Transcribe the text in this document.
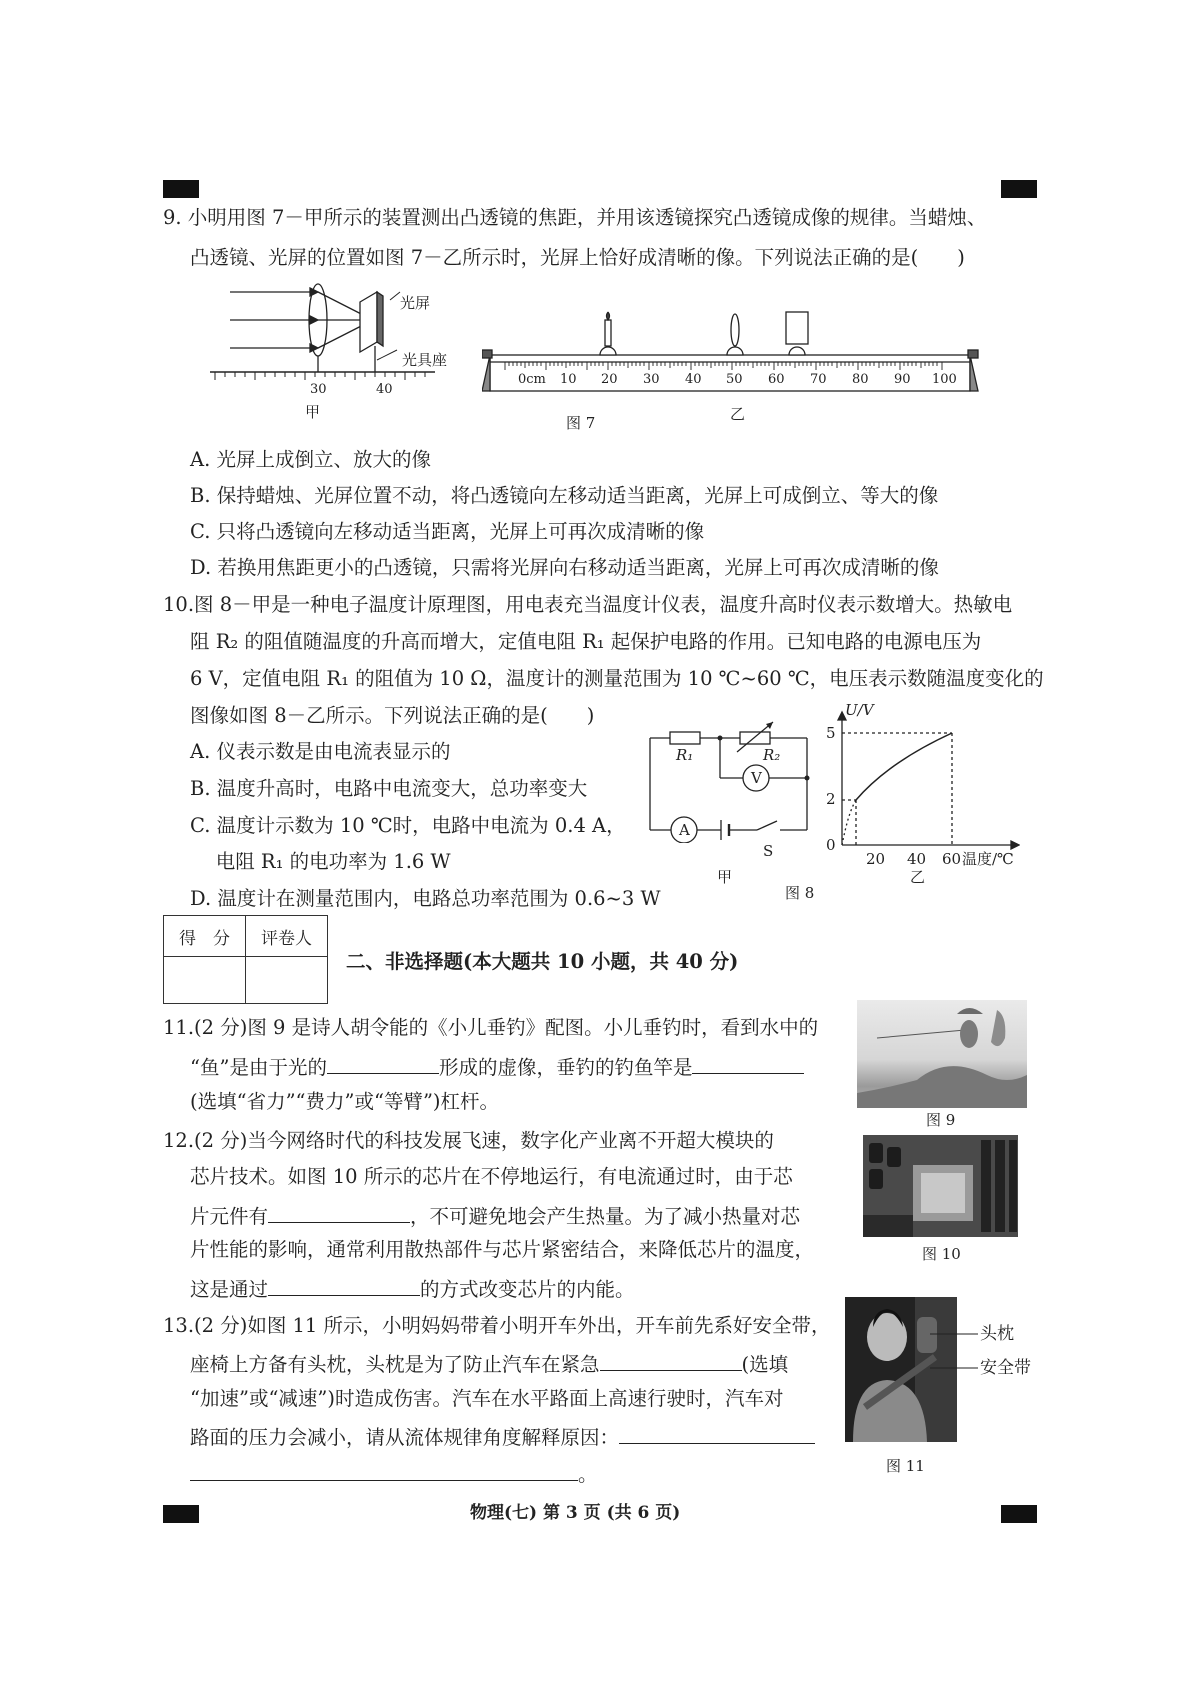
9. 小明用图 7－甲所示的装置测出凸透镜的焦距，并用该透镜探究凸透镜成像的规律。当蜡烛、
凸透镜、光屏的位置如图 7－乙所示时，光屏上恰好成清晰的像。下列说法正确的是(　　)
光屏
光具座
30	40
甲
0cm 10 20 30 40 50 60 70 80 90 100
图 7	乙
A. 光屏上成倒立、放大的像
B. 保持蜡烛、光屏位置不动，将凸透镜向左移动适当距离，光屏上可成倒立、等大的像
C. 只将凸透镜向左移动适当距离，光屏上可再次成清晰的像
D. 若换用焦距更小的凸透镜，只需将光屏向右移动适当距离，光屏上可再次成清晰的像
10.图 8－甲是一种电子温度计原理图，用电表充当温度计仪表，温度升高时仪表示数增大。热敏电
阻 R₂ 的阻值随温度的升高而增大，定值电阻 R₁ 起保护电路的作用。已知电路的电源电压为
6 V，定值电阻 R₁ 的阻值为 10 Ω，温度计的测量范围为 10 ℃~60 ℃，电压表示数随温度变化的
图像如图 8－乙所示。下列说法正确的是(　　)
A. 仪表示数是由电流表显示的
B. 温度升高时，电路中电流变大，总功率变大
C. 温度计示数为 10 ℃时，电路中电流为 0.4 A，
　 电阻 R₁ 的电功率为 1.6 W
D. 温度计在测量范围内，电路总功率范围为 0.6~3 W
R₁	R₂
V
A
S
甲
图 8
U/V
5
2
0
20 40 60 温度/℃
乙
得　分	评卷人

二、非选择题(本大题共 10 小题，共 40 分)
11.(2 分)图 9 是诗人胡令能的《小儿垂钓》配图。小儿垂钓时，看到水中的
“鱼”是由于光的	形成的虚像，垂钓的钓鱼竿是
(选填“省力”“费力”或“等臂”)杠杆。
图 9
12.(2 分)当今网络时代的科技发展飞速，数字化产业离不开超大模块的
芯片技术。如图 10 所示的芯片在不停地运行，有电流通过时，由于芯
片元件有	，不可避免地会产生热量。为了减小热量对芯
片性能的影响，通常利用散热部件与芯片紧密结合，来降低芯片的温度，
这是通过	的方式改变芯片的内能。
图 10
13.(2 分)如图 11 所示，小明妈妈带着小明开车外出，开车前先系好安全带，
座椅上方备有头枕，头枕是为了防止汽车在紧急	(选填
“加速”或“减速”)时造成伤害。汽车在水平路面上高速行驶时，汽车对
路面的压力会减小，请从流体规律角度解释原因：
。
头枕
安全带
图 11
物理(七) 第 3 页 (共 6 页)
